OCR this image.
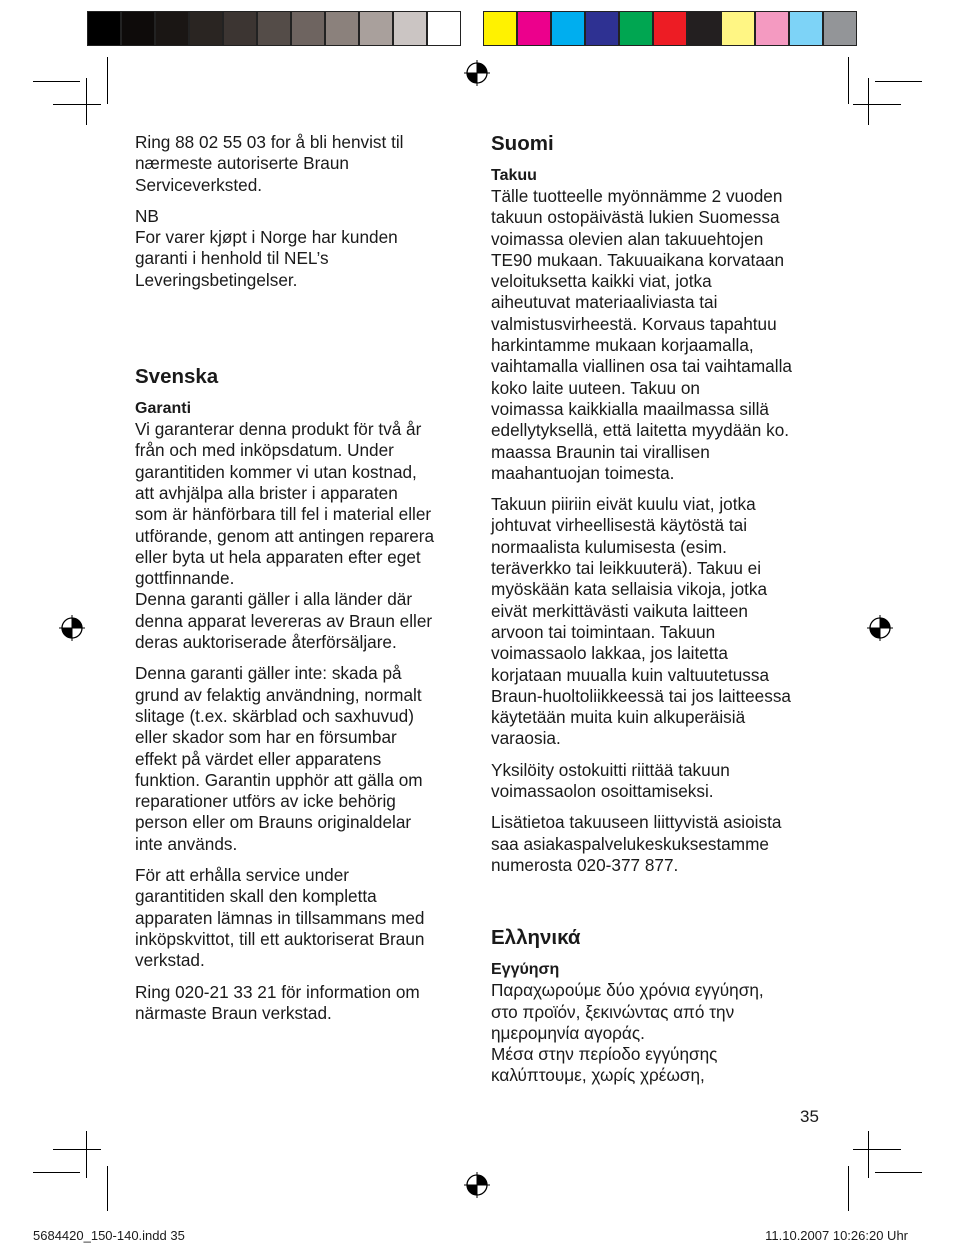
Ring 88 02 55 03 for å bli henvist til
nærmeste autoriserte Braun
Serviceverksted.

NB
For varer kjøpt i Norge har kunden
garanti i henhold til NEL’s
Leveringsbetingelser.

Svenska
Garanti

Vi garanterar denna produkt för två år
från och med inköpsdatum. Under
garantitiden kommer vi utan kostnad,
att avhjälpa alla brister i apparaten
som är hänförbara till fel i material eller
utförande, genom att antingen reparera
eller byta ut hela apparaten efter eget
gottfinnande.
Denna garanti gäller i alla länder där
denna apparat levereras av Braun eller
deras auktoriserade återförsäljare.

Denna garanti gäller inte: skada på
grund av felaktig användning, normalt
slitage (t.ex. skärblad och saxhuvud)
eller skador som har en försumbar
effekt på värdet eller apparatens
funktion. Garantin upphör att gälla om
reparationer utförs av icke behörig
person eller om Brauns originaldelar
inte används.

För att erhålla service under
garantitiden skall den kompletta
apparaten lämnas in tillsammans med
inköpskvittot, till ett auktoriserat Braun
verkstad.

Ring 020-21 33 21 för information om
närmaste Braun verkstad.

Suomi
Takuu

Tälle tuotteelle myönnämme 2 vuoden
takuun ostopäivästä lukien Suomessa
voimassa olevien alan takuuehtojen
TE90 mukaan. Takuuaikana korvataan
veloituksetta kaikki viat, jotka
aiheutuvat materiaaliviasta tai
valmistusvirheestä. Korvaus tapahtuu
harkintamme mukaan korjaamalla,
vaihtamalla viallinen osa tai vaihtamalla
koko laite uuteen. Takuu on
voimassa kaikkialla maailmassa sillä
edellytyksellä, että laitetta myydään ko.
maassa Braunin tai virallisen
maahantuojan toimesta.

Takuun piiriin eivät kuulu viat, jotka
johtuvat virheellisestä käytöstä tai
normaalista kulumisesta (esim.
teräverkko tai leikkuuterä). Takuu ei
myöskään kata sellaisia vikoja, jotka
eivät merkittävästi vaikuta laitteen
arvoon tai toimintaan. Takuun
voimassaolo lakkaa, jos laitetta
korjataan muualla kuin valtuutetussa
Braun-huoltoliikkeessä tai jos laitteessa
käytetään muita kuin alkuperäisiä
varaosia.

Yksilöity ostokuitti riittää takuun
voimassaolon osoittamiseksi.

Lisätietoa takuuseen liittyvistä asioista
saa asiakaspalvelukeskuksestamme
numerosta 020-377 877.

Ελληνικά
Εγγύηση

Παραχωρούμε δύο χρόνια εγγύηση,
στο προϊόν, ξεκινώντας από την
ημερομηνία αγοράς.
Μέσα στην περίοδο εγγύησης
καλύπτουμε, χωρίς χρέωση,

35
5684420_150-140.indd 35	11.10.2007 10:26:20 Uhr
